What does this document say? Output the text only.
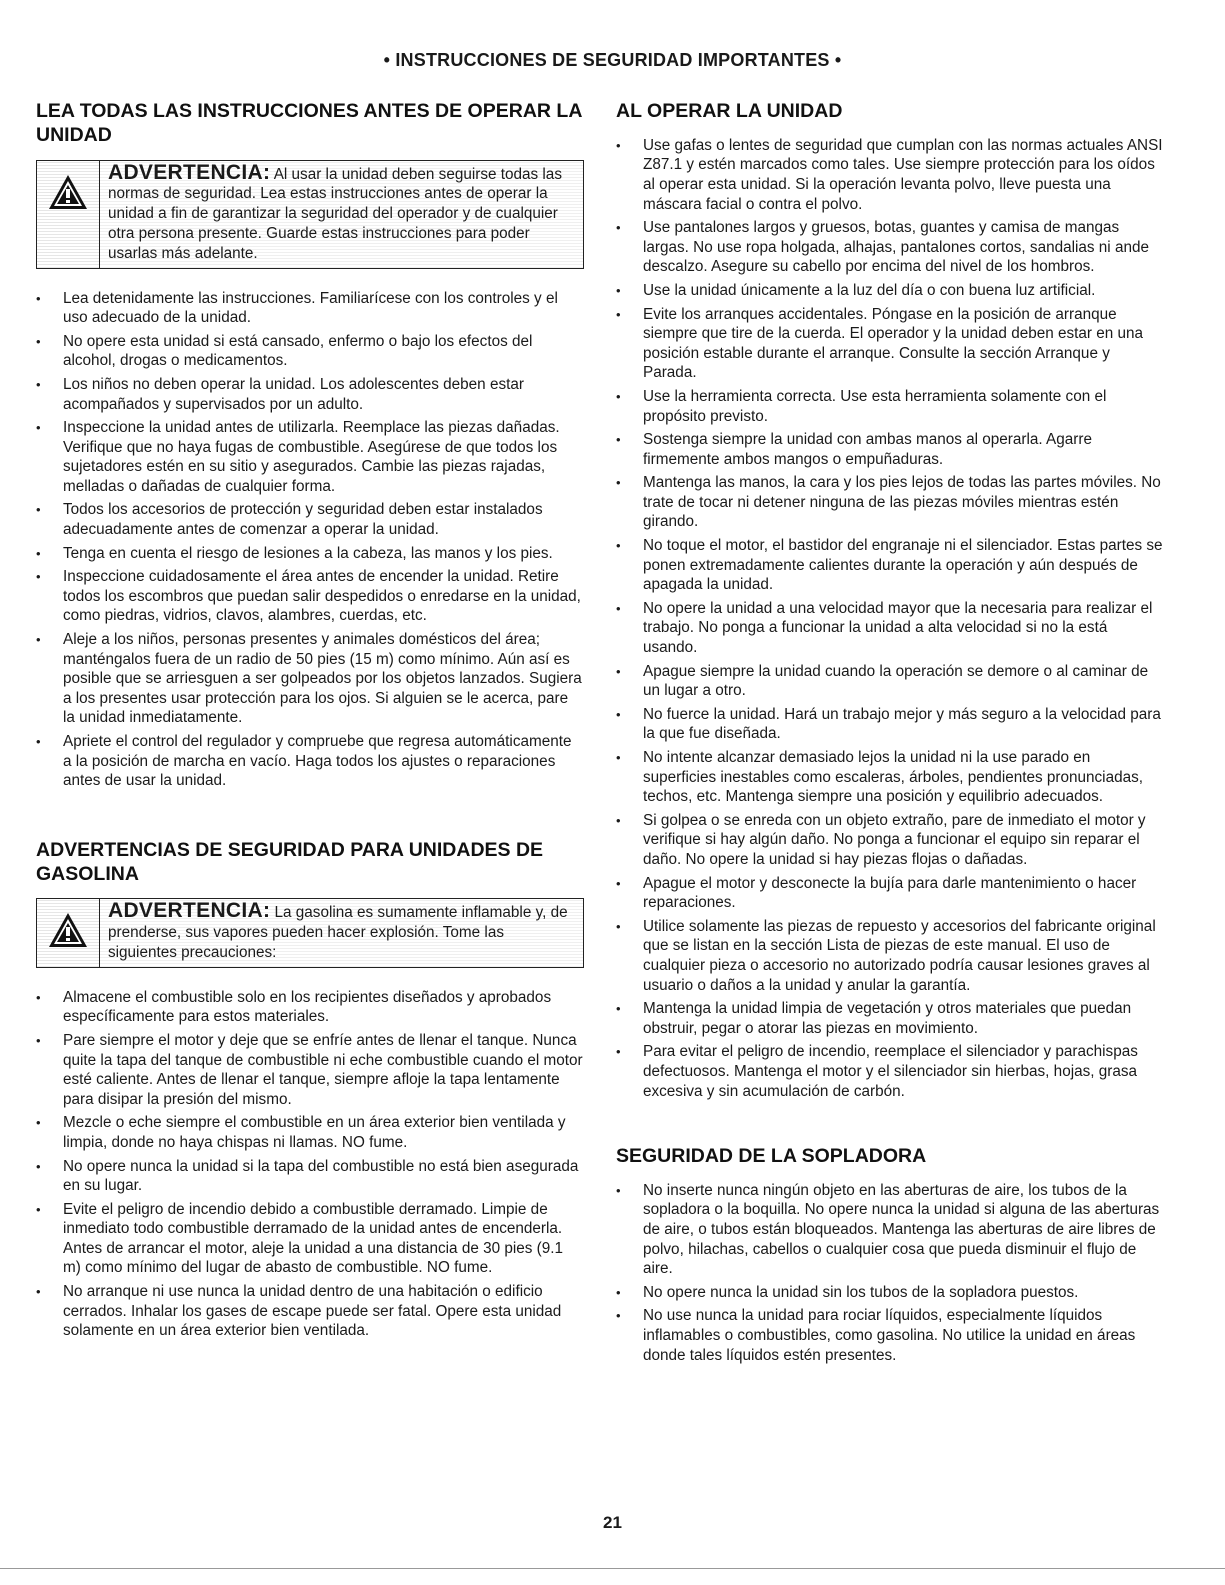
• INSTRUCCIONES DE SEGURIDAD IMPORTANTES •
LEA TODAS LAS INSTRUCCIONES ANTES DE OPERAR LA UNIDAD
ADVERTENCIA: Al usar la unidad deben seguirse todas las normas de seguridad. Lea estas instrucciones antes de operar la unidad a fin de garantizar la seguridad del operador y de cualquier otra persona presente. Guarde estas instrucciones para poder usarlas más adelante.
• Lea detenidamente las instrucciones. Familiarícese con los controles y el uso adecuado de la unidad.
• No opere esta unidad si está cansado, enfermo o bajo los efectos del alcohol, drogas o medicamentos.
• Los niños no deben operar la unidad. Los adolescentes deben estar acompañados y supervisados por un adulto.
• Inspeccione la unidad antes de utilizarla. Reemplace las piezas dañadas. Verifique que no haya fugas de combustible. Asegúrese de que todos los sujetadores estén en su sitio y asegurados. Cambie las piezas rajadas, melladas o dañadas de cualquier forma.
• Todos los accesorios de protección y seguridad deben estar instalados adecuadamente antes de comenzar a operar la unidad.
• Tenga en cuenta el riesgo de lesiones a la cabeza, las manos y los pies.
• Inspeccione cuidadosamente el área antes de encender la unidad. Retire todos los escombros que puedan salir despedidos o enredarse en la unidad, como piedras, vidrios, clavos, alambres, cuerdas, etc.
• Aleje a los niños, personas presentes y animales domésticos del área; manténgalos fuera de un radio de 50 pies (15 m) como mínimo. Aún así es posible que se arriesguen a ser golpeados por los objetos lanzados. Sugiera a los presentes usar protección para los ojos. Si alguien se le acerca, pare la unidad inmediatamente.
• Apriete el control del regulador y compruebe que regresa automáticamente a la posición de marcha en vacío. Haga todos los ajustes o reparaciones antes de usar la unidad.
ADVERTENCIAS DE SEGURIDAD PARA UNIDADES DE GASOLINA
ADVERTENCIA: La gasolina es sumamente inflamable y, de prenderse, sus vapores pueden hacer explosión. Tome las siguientes precauciones:
• Almacene el combustible solo en los recipientes diseñados y aprobados específicamente para estos materiales.
• Pare siempre el motor y deje que se enfríe antes de llenar el tanque. Nunca quite la tapa del tanque de combustible ni eche combustible cuando el motor esté caliente. Antes de llenar el tanque, siempre afloje la tapa lentamente para disipar la presión del mismo.
• Mezcle o eche siempre el combustible en un área exterior bien ventilada y limpia, donde no haya chispas ni llamas. NO fume.
• No opere nunca la unidad si la tapa del combustible no está bien asegurada en su lugar.
• Evite el peligro de incendio debido a combustible derramado. Limpie de inmediato todo combustible derramado de la unidad antes de encenderla. Antes de arrancar el motor, aleje la unidad a una distancia de 30 pies (9.1 m) como mínimo del lugar de abasto de combustible. NO fume.
• No arranque ni use nunca la unidad dentro de una habitación o edificio cerrados. Inhalar los gases de escape puede ser fatal. Opere esta unidad solamente en un área exterior bien ventilada.
AL OPERAR LA UNIDAD
• Use gafas o lentes de seguridad que cumplan con las normas actuales ANSI Z87.1 y estén marcados como tales. Use siempre protección para los oídos al operar esta unidad. Si la operación levanta polvo, lleve puesta una máscara facial o contra el polvo.
• Use pantalones largos y gruesos, botas, guantes y camisa de mangas largas. No use ropa holgada, alhajas, pantalones cortos, sandalias ni ande descalzo. Asegure su cabello por encima del nivel de los hombros.
• Use la unidad únicamente a la luz del día o con buena luz artificial.
• Evite los arranques accidentales. Póngase en la posición de arranque siempre que tire de la cuerda. El operador y la unidad deben estar en una posición estable durante el arranque. Consulte la sección Arranque y Parada.
• Use la herramienta correcta. Use esta herramienta solamente con el propósito previsto.
• Sostenga siempre la unidad con ambas manos al operarla. Agarre firmemente ambos mangos o empuñaduras.
• Mantenga las manos, la cara y los pies lejos de todas las partes móviles. No trate de tocar ni detener ninguna de las piezas móviles mientras estén girando.
• No toque el motor, el bastidor del engranaje ni el silenciador. Estas partes se ponen extremadamente calientes durante la operación y aún después de apagada la unidad.
• No opere la unidad a una velocidad mayor que la necesaria para realizar el trabajo. No ponga a funcionar la unidad a alta velocidad si no la está usando.
• Apague siempre la unidad cuando la operación se demore o al caminar de un lugar a otro.
• No fuerce la unidad. Hará un trabajo mejor y más seguro a la velocidad para la que fue diseñada.
• No intente alcanzar demasiado lejos la unidad ni la use parado en superficies inestables como escaleras, árboles, pendientes pronunciadas, techos, etc. Mantenga siempre una posición y equilibrio adecuados.
• Si golpea o se enreda con un objeto extraño, pare de inmediato el motor y verifique si hay algún daño. No ponga a funcionar el equipo sin reparar el daño. No opere la unidad si hay piezas flojas o dañadas.
• Apague el motor y desconecte la bujía para darle mantenimiento o hacer reparaciones.
• Utilice solamente las piezas de repuesto y accesorios del fabricante original que se listan en la sección Lista de piezas de este manual. El uso de cualquier pieza o accesorio no autorizado podría causar lesiones graves al usuario o daños a la unidad y anular la garantía.
• Mantenga la unidad limpia de vegetación y otros materiales que puedan obstruir, pegar o atorar las piezas en movimiento.
• Para evitar el peligro de incendio, reemplace el silenciador y parachispas defectuosos. Mantenga el motor y el silenciador sin hierbas, hojas, grasa excesiva y sin acumulación de carbón.
SEGURIDAD DE LA SOPLADORA
• No inserte nunca ningún objeto en las aberturas de aire, los tubos de la sopladora o la boquilla. No opere nunca la unidad si alguna de las aberturas de aire, o tubos están bloqueados. Mantenga las aberturas de aire libres de polvo, hilachas, cabellos o cualquier cosa que pueda disminuir el flujo de aire.
• No opere nunca la unidad sin los tubos de la sopladora puestos.
• No use nunca la unidad para rociar líquidos, especialmente líquidos inflamables o combustibles, como gasolina. No utilice la unidad en áreas donde tales líquidos estén presentes.
21
